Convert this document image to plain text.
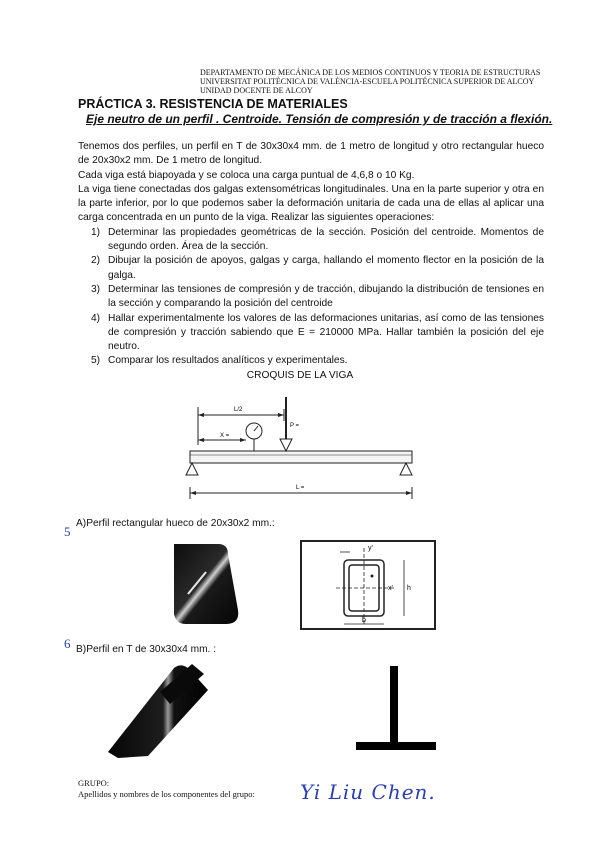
DEPARTAMENTO DE MECÁNICA DE LOS MEDIOS CONTINUOS Y TEORIA DE ESTRUCTURAS
UNIVERSITAT POLITÈCNICA DE VALÈNCIA-ESCUELA POLITÉCNICA SUPERIOR DE ALCOY
UNIDAD DOCENTE DE ALCOY
PRÁCTICA 3. RESISTENCIA DE MATERIALES
Eje neutro de un perfil . Centroide. Tensión de compresión y de tracción a flexión.

Tenemos dos perfiles, un perfil en T de 30x30x4 mm. de 1 metro de longitud y otro rectangular hueco de 20x30x2 mm. De 1 metro de longitud.

Cada viga está biapoyada y se coloca una carga puntual de 4,6,8 o 10 Kg.

La viga tiene conectadas dos galgas extensométricas longitudinales. Una en la parte superior y otra en la parte inferior, por lo que podemos saber la deformación unitaria de cada una de ellas al aplicar una carga concentrada en un punto de la viga. Realizar las siguientes operaciones:

1) Determinar las propiedades geométricas de la sección. Posición del centroide. Momentos de segundo orden. Área de la sección.
2) Dibujar la posición de apoyos, galgas y carga, hallando el momento flector en la posición de la galga.
3) Determinar las tensiones de compresión y de tracción, dibujando la distribución de tensiones en la sección y comparando la posición del centroide
4) Hallar experimentalmente los valores de las deformaciones unitarias, así como de las tensiones de compresión y tracción sabiendo que E = 210000 MPa. Hallar también la posición del eje neutro.
5) Comparar los resultados analíticos y experimentales.
CROQUIS DE LA VIGA
L/2
X =
P =
L =
5
A)Perfil rectangular hueco de 20x30x2 mm.:
y'
x' h
b
6 B)Perfil en T de 30x30x4 mm. :
GRUPO:
Apellidos y nombres de los componentes del grupo: Yi Liu Chen.
